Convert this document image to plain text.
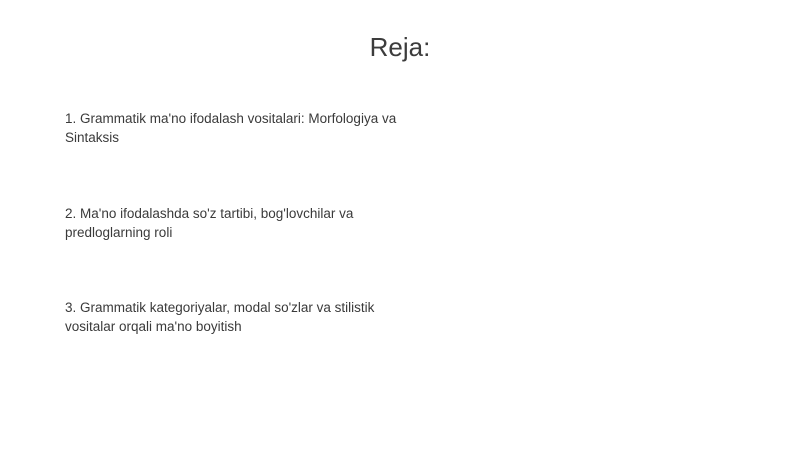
Reja:

1. Grammatik ma'no ifodalash vositalari: Morfologiya va Sintaksis

2. Ma'no ifodalashda so'z tartibi, bog'lovchilar va predloglarning roli

3. Grammatik kategoriyalar, modal so'zlar va stilistik vositalar orqali ma'no boyitish
